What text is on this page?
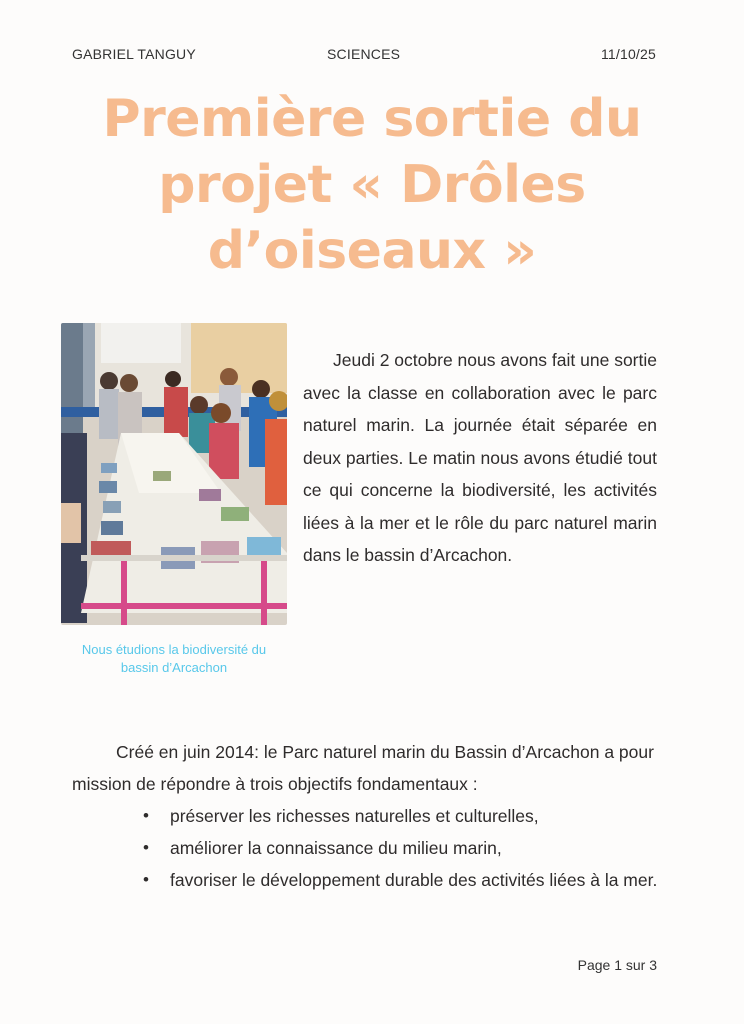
GABRIEL TANGUY	SCIENCES	11/10/25
Première sortie du projet « Drôles d’oiseaux »
Nous étudions la biodiversité du bassin d’Arcachon

Jeudi 2 octobre nous avons fait une sortie avec la classe en collaboration avec le parc naturel marin. La journée était séparée en deux parties. Le matin nous avons étudié tout ce qui concerne la biodiversité, les activités liées à la mer et le rôle du parc naturel marin dans le bassin d’Arcachon.

Créé en juin 2014: le Parc naturel marin du Bassin d’Arcachon a pour mission de répondre à trois objectifs fondamentaux :

• préserver les richesses naturelles et culturelles,
• améliorer la connaissance du milieu marin,
• favoriser le développement durable des activités liées à la mer.
Page 1 sur 3
